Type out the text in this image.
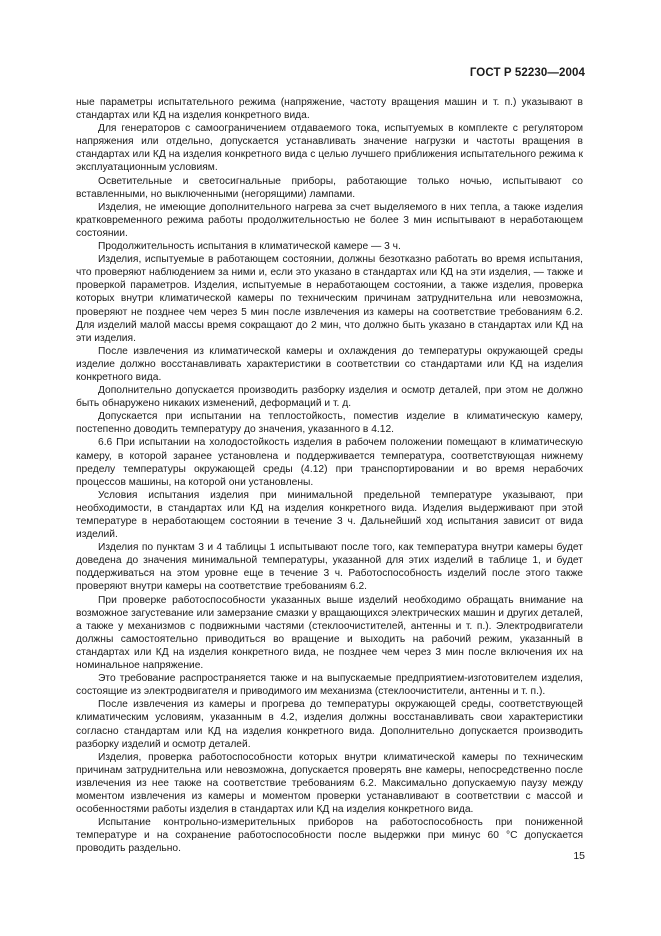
ГОСТ Р 52230—2004

ные параметры испытательного режима (напряжение, частоту вращения машин и т. п.) указывают в стандартах или КД на изделия конкретного вида.

Для генераторов с самоограничением отдаваемого тока, испытуемых в комплекте с регулятором напряжения или отдельно, допускается устанавливать значение нагрузки и частоты вращения в стандартах или КД на изделия конкретного вида с целью лучшего приближения испытательного режима к эксплуатационным условиям.

Осветительные и светосигнальные приборы, работающие только ночью, испытывают со вставленными, но выключенными (негорящими) лампами.

Изделия, не имеющие дополнительного нагрева за счет выделяемого в них тепла, а также изделия кратковременного режима работы продолжительностью не более 3 мин испытывают в неработающем состоянии.

Продолжительность испытания в климатической камере — 3 ч.

Изделия, испытуемые в работающем состоянии, должны безотказно работать во время испытания, что проверяют наблюдением за ними и, если это указано в стандартах или КД на эти изделия, — также и проверкой параметров. Изделия, испытуемые в неработающем состоянии, а также изделия, проверка которых внутри климатической камеры по техническим причинам затруднительна или невозможна, проверяют не позднее чем через 5 мин после извлечения из камеры на соответствие требованиям 6.2. Для изделий малой массы время сокращают до 2 мин, что должно быть указано в стандартах или КД на эти изделия.

После извлечения из климатической камеры и охлаждения до температуры окружающей среды изделие должно восстанавливать характеристики в соответствии со стандартами или КД на изделия конкретного вида.

Дополнительно допускается производить разборку изделия и осмотр деталей, при этом не должно быть обнаружено никаких изменений, деформаций и т. д.

Допускается при испытании на теплостойкость, поместив изделие в климатическую камеру, постепенно доводить температуру до значения, указанного в 4.12.

6.6 При испытании на холодостойкость изделия в рабочем положении помещают в климатическую камеру, в которой заранее установлена и поддерживается температура, соответствующая нижнему пределу температуры окружающей среды (4.12) при транспортировании и во время нерабочих процессов машины, на которой они установлены.

Условия испытания изделия при минимальной предельной температуре указывают, при необходимости, в стандартах или КД на изделия конкретного вида. Изделия выдерживают при этой температуре в неработающем состоянии в течение 3 ч. Дальнейший ход испытания зависит от вида изделий.

Изделия по пунктам 3 и 4 таблицы 1 испытывают после того, как температура внутри камеры будет доведена до значения минимальной температуры, указанной для этих изделий в таблице 1, и будет поддерживаться на этом уровне еще в течение 3 ч. Работоспособность изделий после этого также проверяют внутри камеры на соответствие требованиям 6.2.

При проверке работоспособности указанных выше изделий необходимо обращать внимание на возможное загустевание или замерзание смазки у вращающихся электрических машин и других деталей, а также у механизмов с подвижными частями (стеклоочистителей, антенны и т. п.). Электродвигатели должны самостоятельно приводиться во вращение и выходить на рабочий режим, указанный в стандартах или КД на изделия конкретного вида, не позднее чем через 3 мин после включения их на номинальное напряжение.

Это требование распространяется также и на выпускаемые предприятием-изготовителем изделия, состоящие из электродвигателя и приводимого им механизма (стеклоочистители, антенны и т. п.).

После извлечения из камеры и прогрева до температуры окружающей среды, соответствующей климатическим условиям, указанным в 4.2, изделия должны восстанавливать свои характеристики согласно стандартам или КД на изделия конкретного вида. Дополнительно допускается производить разборку изделий и осмотр деталей.

Изделия, проверка работоспособности которых внутри климатической камеры по техническим причинам затруднительна или невозможна, допускается проверять вне камеры, непосредственно после извлечения из нее также на соответствие требованиям 6.2. Максимально допускаемую паузу между моментом извлечения из камеры и моментом проверки устанавливают в соответствии с массой и особенностями работы изделия в стандартах или КД на изделия конкретного вида.

Испытание контрольно-измерительных приборов на работоспособность при пониженной температуре и на сохранение работоспособности после выдержки при минус 60 °С допускается проводить раздельно.

15
